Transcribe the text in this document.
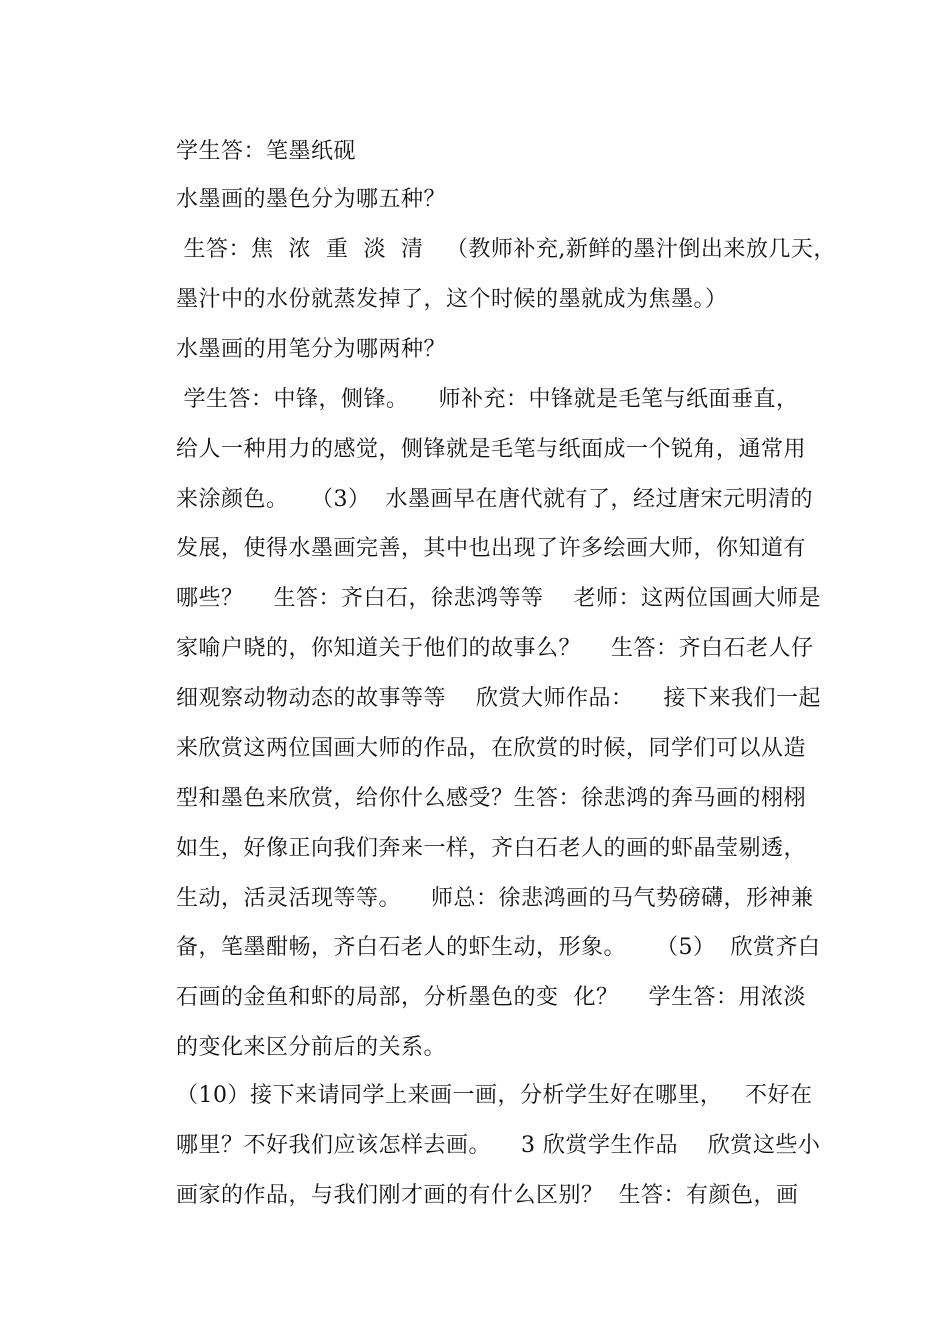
学生答：笔墨纸砚
水墨画的墨色分为哪五种？
生答：焦  浓  重  淡  清   （教师补充,新鲜的墨汁倒出来放几天，
墨汁中的水份就蒸发掉了，这个时候的墨就成为焦墨。）
水墨画的用笔分为哪两种？
学生答：中锋，侧锋。    师补充：中锋就是毛笔与纸面垂直，
给人一种用力的感觉，侧锋就是毛笔与纸面成一个锐角，通常用
来涂颜色。   （3）  水墨画早在唐代就有了，经过唐宋元明清的
发展，使得水墨画完善，其中也出现了许多绘画大师，你知道有
哪些？    生答：齐白石，徐悲鸿等等    老师：这两位国画大师是
家喻户晓的，你知道关于他们的故事么？    生答：齐白石老人仔
细观察动物动态的故事等等    欣赏大师作品：    接下来我们一起
来欣赏这两位国画大师的作品，在欣赏的时候，同学们可以从造
型和墨色来欣赏，给你什么感受？生答：徐悲鸿的奔马画的栩栩
如生，好像正向我们奔来一样，齐白石老人的画的虾晶莹剔透，
生动，活灵活现等等。    师总：徐悲鸿画的马气势磅礴，形神兼
备，笔墨酣畅，齐白石老人的虾生动，形象。    （5）  欣赏齐白
石画的金鱼和虾的局部，分析墨色的变  化？    学生答：用浓淡
的变化来区分前后的关系。
（10）接下来请同学上来画一画，分析学生好在哪里，   不好在
哪里？不好我们应该怎样去画。    3 欣赏学生作品    欣赏这些小
画家的作品，与我们刚才画的有什么区别？  生答：有颜色，画
